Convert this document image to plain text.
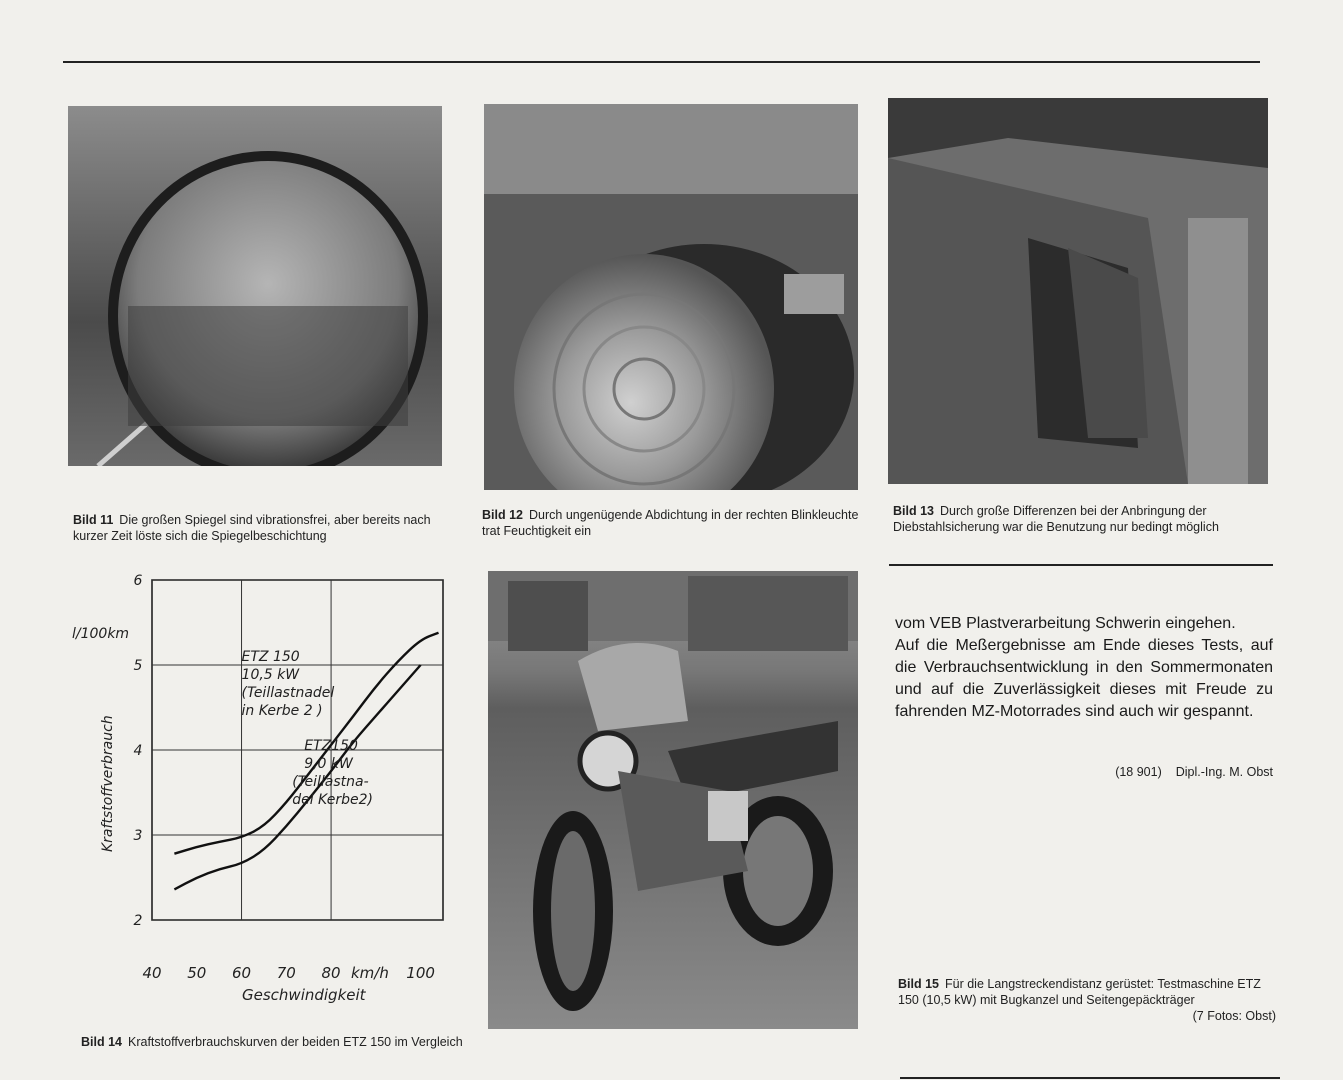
Bild 11 Die großen Spiegel sind vibrationsfrei, aber bereits nach kurzer Zeit löste sich die Spiegelbeschichtung
Bild 12 Durch ungenügende Abdichtung in der rechten Blinkleuchte trat Feuchtigkeit ein
Bild 13 Durch große Differenzen bei der Anbringung der Diebstahlsicherung war die Benutzung nur bedingt möglich
2
3
4
5
6
40 50 60 70 80	100
ETZ 150
10,5 kW
(Teillastnadel
in Kerbe 2 )
ETZ150
9,0 kW
(Teillastna-
del Kerbe2)
l/100km
km/h
Geschwindigkeit
Kraftstoffverbrauch
Bild 14 Kraftstoffverbrauchskurven der beiden ETZ 150 im Vergleich
Bild 15 Für die Langstreckendistanz gerüstet: Testmaschine ETZ 150 (10,5 kW) mit Bugkanzel und Seitengepäckträger
(7 Fotos: Obst)

vom VEB Plastverarbeitung Schwerin eingehen.

Auf die Meßergebnisse am Ende dieses Tests, auf die Verbrauchsentwicklung in den Sommermonaten und auf die Zuverlässigkeit dieses mit Freude zu fahrenden MZ-Motorrades sind auch wir gespannt.

(18 901) Dipl.-Ing. M. Obst
